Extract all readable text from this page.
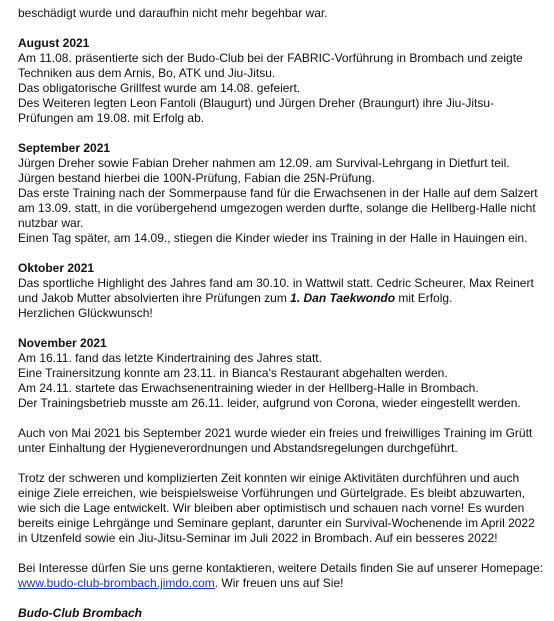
beschädigt wurde und daraufhin nicht mehr begehbar war.
August 2021
Am 11.08. präsentierte sich der Budo-Club bei der FABRIC-Vorführung in Brombach und zeigte
Techniken aus dem Arnis, Bo, ATK und Jiu-Jitsu.
Das obligatorische Grillfest wurde am 14.08. gefeiert.
Des Weiteren legten Leon Fantoli (Blaugurt) und Jürgen Dreher (Braungurt) ihre Jiu-Jitsu-
Prüfungen am 19.08. mit Erfolg ab.
September 2021
Jürgen Dreher sowie Fabian Dreher nahmen am 12.09. am Survival-Lehrgang in Dietfurt teil.
Jürgen bestand hierbei die 100N-Prüfung, Fabian die 25N-Prüfung.
Das erste Training nach der Sommerpause fand für die Erwachsenen in der Halle auf dem Salzert
am 13.09. statt, in die vorübergehend umgezogen werden durfte, solange die Hellberg-Halle nicht
nutzbar war.
Einen Tag später, am 14.09., stiegen die Kinder wieder ins Training in der Halle in Hauingen ein.
Oktober 2021
Das sportliche Highlight des Jahres fand am 30.10. in Wattwil statt. Cedric Scheurer, Max Reinert
und Jakob Mutter absolvierten ihre Prüfungen zum 1. Dan Taekwondo mit Erfolg.
Herzlichen Glückwunsch!
November 2021
Am 16.11. fand das letzte Kindertraining des Jahres statt.
Eine Trainersitzung konnte am 23.11. in Bianca's Restaurant abgehalten werden.
Am 24.11. startete das Erwachsenentraining wieder in der Hellberg-Halle in Brombach.
Der Trainingsbetrieb musste am 26.11. leider, aufgrund von Corona, wieder eingestellt werden.
Auch von Mai 2021 bis September 2021 wurde wieder ein freies und freiwilliges Training im Grütt
unter Einhaltung der Hygieneverordnungen und Abstandsregelungen durchgeführt.
Trotz der schweren und komplizierten Zeit konnten wir einige Aktivitäten durchführen und auch
einige Ziele erreichen, wie beispielsweise Vorführungen und Gürtelgrade. Es bleibt abzuwarten,
wie sich die Lage entwickelt. Wir bleiben aber optimistisch und schauen nach vorne! Es wurden
bereits einige Lehrgänge und Seminare geplant, darunter ein Survival-Wochenende im April 2022
in Utzenfeld sowie ein Jiu-Jitsu-Seminar im Juli 2022 in Brombach. Auf ein besseres 2022!
Bei Interesse dürfen Sie uns gerne kontaktieren, weitere Details finden Sie auf unserer Homepage:
www.budo-club-brombach.jimdo.com. Wir freuen uns auf Sie!
Budo-Club Brombach
